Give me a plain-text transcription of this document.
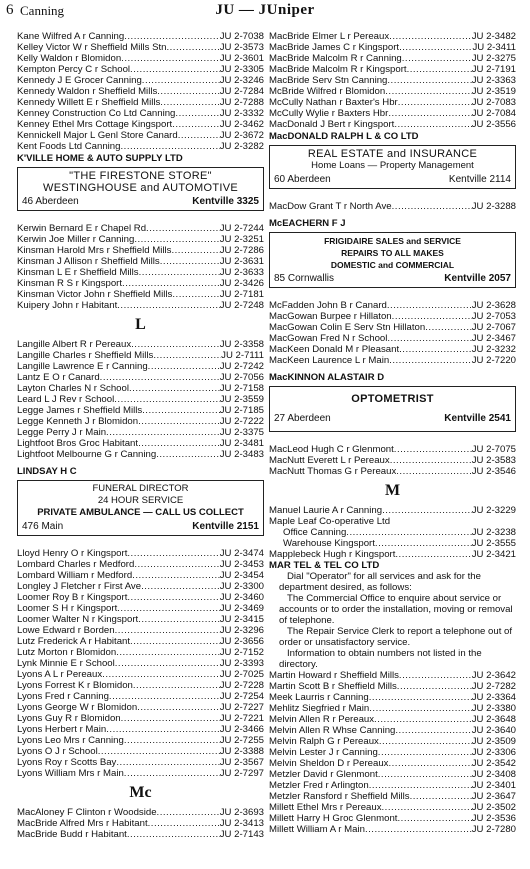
6 Canning	JU — JUniper
Kane Wilfred A r Canning .....	JU 2-7038
Kelley Victor W r Sheffield Mills Stn .....	JU 2-3573
Kelly Waldon r Blomidon .....	JU 2-3601
Kempton Percy C r School .....	JU 2-3305
Kennedy J E Grocer Canning .....	JU 2-3246
Kennedy Waldon r Sheffield Mills .....	JU 2-7284
Kennedy Willett E r Sheffield Mills .....	JU 2-7288
Kenney Construction Co Ltd Canning .....	JU 2-3332
Kenney Ethel Mrs Cottage Kingsport .....	JU 2-3462
Kennickell Major L Genl Store Canard .....	JU 2-3672
Kent Foods Ltd Canning .....	JU 2-3282
K'VILLE HOME & AUTO SUPPLY LTD
"THE FIRESTONE STORE"
WESTINGHOUSE and AUTOMOTIVE
46 Aberdeen	Kentville 3325
Kerwin Bernard E r Chapel Rd .....	JU 2-7244
Kerwin Joe Miller r Canning .....	JU 2-3251
Kinsman Harold Mrs r Sheffield Mills .....	JU 2-7286
Kinsman J Allison r Sheffield Mills .....	JU 2-3631
Kinsman L E r Sheffield Mills .....	JU 2-3633
Kinsman R S r Kingsport .....	JU 2-3426
Kinsman Victor John r Sheffield Mills .....	JU 2-7181
Kuipery John r Habitant .....	JU 2-7248
L
Langille Albert R r Pereaux .....	JU 2-3358
Langille Charles r Sheffield Mills .....	JU 2-7111
Langille Lawrence E r Canning .....	JU 2-7242
Lantz E O r Canard .....	JU 2-7056
Layton Charles N r School .....	JU 2-7158
Leard L J Rev r School .....	JU 2-3559
Legge James r Sheffield Mills .....	JU 2-7185
Legge Kenneth J r Blomidon .....	JU 2-7222
Legge Perry J r Main .....	JU 2-3375
Lightfoot Bros Groc Habitant .....	JU 2-3481
Lightfoot Melbourne G r Canning .....	JU 2-3483
LINDSAY H C
FUNERAL DIRECTOR
24 HOUR SERVICE
PRIVATE AMBULANCE — CALL US COLLECT
476 Main	Kentville 2151
Lloyd Henry O r Kingsport .....	JU 2-3474
Lombard Charles r Medford .....	JU 2-3453
Lombard William r Medford .....	JU 2-3454
Longley J Fletcher r First Ave .....	JU 2-3300
Loomer Roy B r Kingsport .....	JU 2-3460
Loomer S H r Kingsport .....	JU 2-3469
Loomer Walter N r Kingsport .....	JU 2-3415
Lowe Edward r Borden .....	JU 2-3296
Lutz Frederick A r Habitant .....	JU 2-3656
Lutz Morton r Blomidon .....	JU 2-7152
Lynk Minnie E r School .....	JU 2-3393
Lyons A L r Pereaux .....	JU 2-7025
Lyons Forrest K r Blomidon .....	JU 2-7228
Lyons Fred r Canning .....	JU 2-7254
Lyons George W r Blomidon .....	JU 2-7227
Lyons Guy R r Blomidon .....	JU 2-7221
Lyons Herbert r Main .....	JU 2-3466
Lyons Leo Mrs r Canning .....	JU 2-7255
Lyons O J r School .....	JU 2-3388
Lyons Roy r Scotts Bay .....	JU 2-3567
Lyons William Mrs r Main .....	JU 2-7297
Mc
MacAloney F Clinton r Woodside .....	JU 2-3693
MacBride Alfred Mrs r Habitant .....	JU 2-3413
MacBride Budd r Habitant .....	JU 2-7143
MacBride Elmer L r Pereaux .....	JU 2-3482
MacBride James C r Kingsport .....	JU 2-3411
MacBride Malcolm R r Canning .....	JU 2-3275
MacBride Malcolm R r Kingsport .....	JU 2-7191
MacBride Serv Stn Canning .....	JU 2-3363
McBride Wilfred r Blomidon .....	JU 2-3519
McCully Nathan r Baxter's Hbr .....	JU 2-7083
McCully Wylie r Baxters Hbr .....	JU 2-7084
MacDonald J Bert r Kingsport .....	JU 2-3556
MacDONALD RALPH L & CO LTD
REAL ESTATE and INSURANCE
Home Loans — Property Management
60 Aberdeen	Kentville 2114
MacDow Grant T r North Ave .....	JU 2-3288
McEACHERN F J
FRIGIDAIRE SALES and SERVICE
REPAIRS TO ALL MAKES
DOMESTIC and COMMERCIAL
85 Cornwallis	Kentville 2057
McFadden John B r Canard .....	JU 2-3628
MacGowan Burpee r Hillaton .....	JU 2-7053
MacGowan Colin E Serv Stn Hillaton .....	JU 2-7067
MacGowan Fred N r School .....	JU 2-3467
MacKeen Donald M r Pleasant .....	JU 2-3232
MacKeen Laurence L r Main .....	JU 2-7220
MacKINNON ALASTAIR D
OPTOMETRIST
27 Aberdeen	Kentville 2541
MacLeod Hugh C r Glenmont .....	JU 2-7075
MacNutt Everett L r Pereaux .....	JU 2-3583
MacNutt Thomas G r Pereaux .....	JU 2-3546
M
Manuel Laurie A r Canning .....	JU 2-3229
Maple Leaf Co-operative Ltd
Office Canning .....	JU 2-3238
Warehouse Kingsport .....	JU 2-3555
Mapplebeck Hugh r Kingsport .....	JU 2-3421
MAR TEL & TEL CO LTD

Dial "Operator" for all services and ask for the department desired, as follows:

The Commercial Office to enquire about service or accounts or to order the installation, moving or removal of telephone.

The Repair Service Clerk to report a telephone out of order or unsatisfactory service.

Information to obtain numbers not listed in the directory.

Martin Howard r Sheffield Mills .....	JU 2-3642
Martin Scott B r Sheffield Mills .....	JU 2-7282
Meek Laurris r Canning .....	JU 2-3364
Mehlitz Siegfried r Main .....	JU 2-3380
Melvin Allen R r Pereaux .....	JU 2-3648
Melvin Allen R Whse Canning .....	JU 2-3640
Melvin Ralph G r Pereaux .....	JU 2-3509
Melvin Lester J r Canning .....	JU 2-3306
Melvin Sheldon D r Pereaux .....	JU 2-3542
Metzler David r Glenmont .....	JU 2-3408
Metzler Fred r Arlington .....	JU 2-3401
Metzler Ransford r Sheffield Mills .....	JU 2-3647
Millett Ethel Mrs r Pereaux .....	JU 2-3502
Millett Harry H Groc Glenmont .....	JU 2-3536
Millett William A r Main .....	JU 2-7280
